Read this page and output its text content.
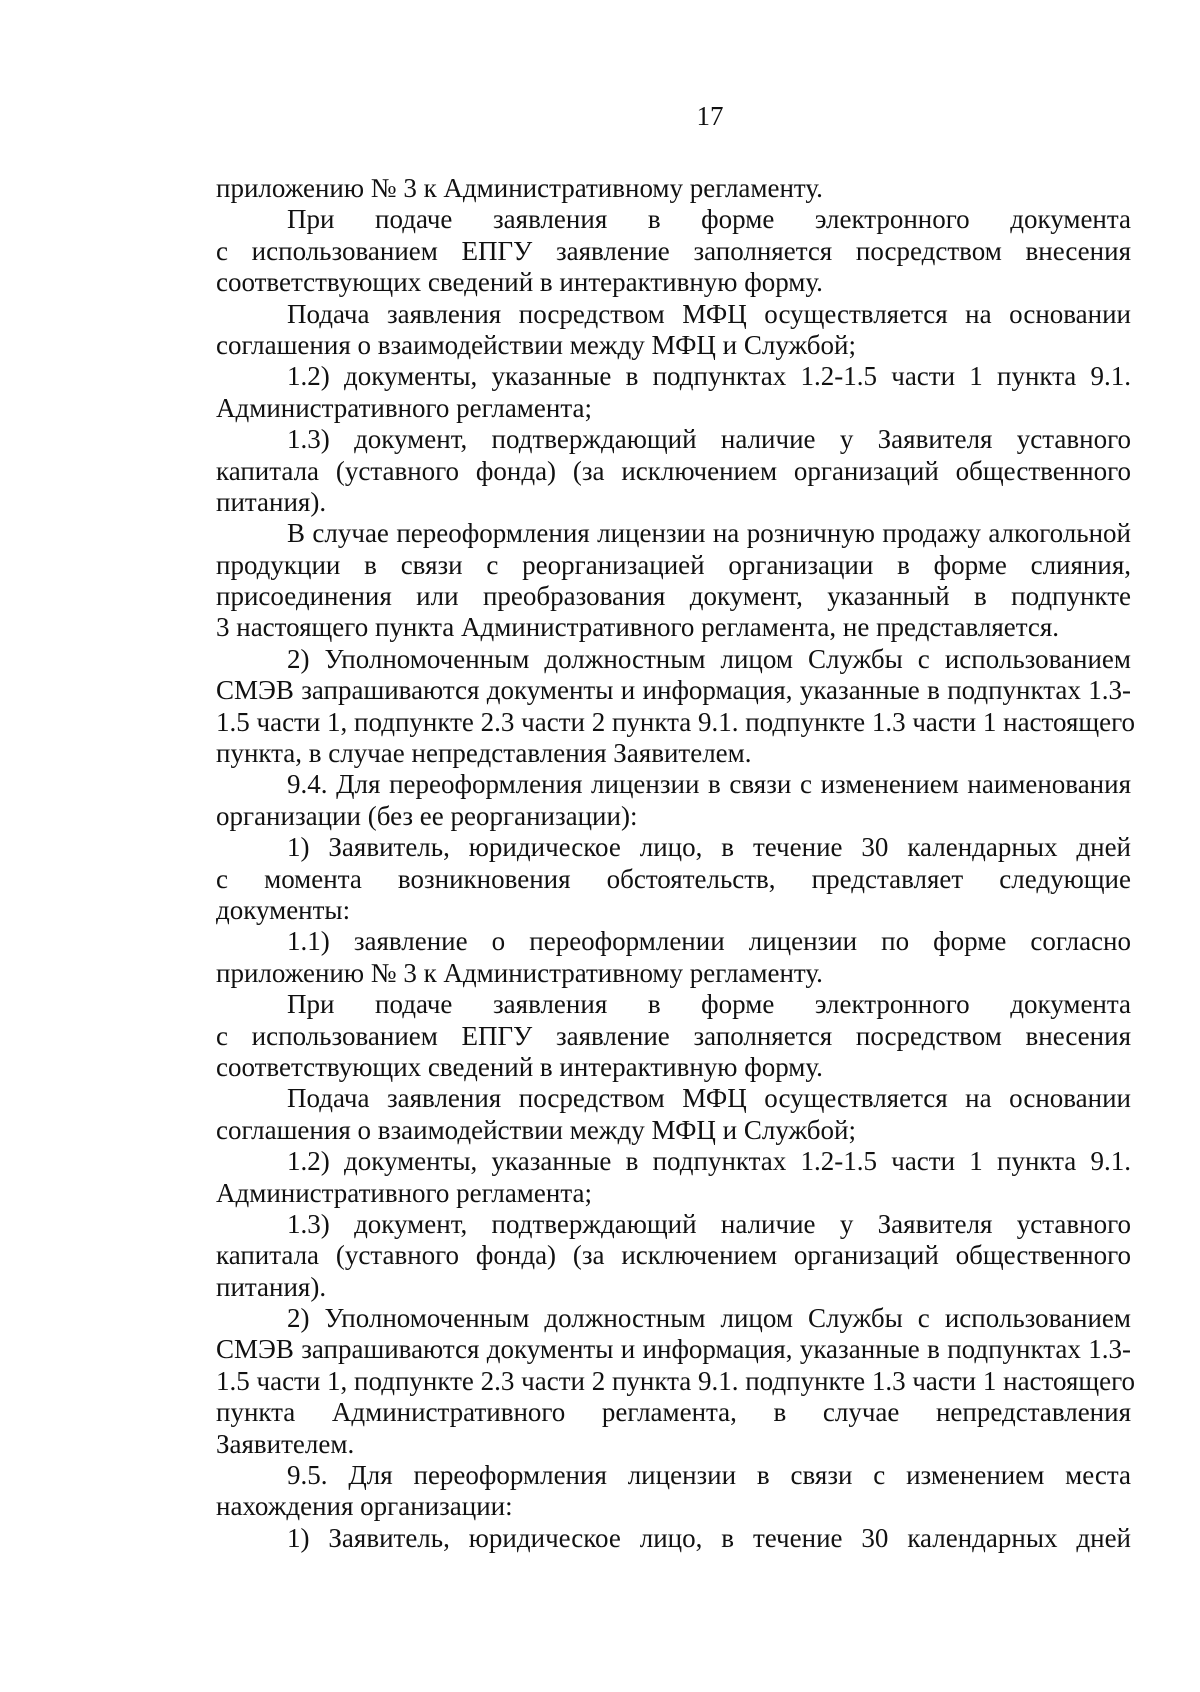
17
приложению № 3 к Административному регламенту.
При подаче заявления в форме электронного документа
с использованием ЕПГУ заявление заполняется посредством внесения
соответствующих сведений в интерактивную форму.
Подача заявления посредством МФЦ осуществляется на основании
соглашения о взаимодействии между МФЦ и Службой;
1.2) документы, указанные в подпунктах 1.2-1.5 части 1 пункта 9.1.
Административного регламента;
1.3) документ, подтверждающий наличие у Заявителя уставного
капитала (уставного фонда) (за исключением организаций общественного
питания).
В случае переоформления лицензии на розничную продажу алкогольной
продукции в связи с реорганизацией организации в форме слияния,
присоединения или преобразования документ, указанный в подпункте
3 настоящего пункта Административного регламента, не представляется.
2) Уполномоченным должностным лицом Службы с использованием
СМЭВ запрашиваются документы и информация, указанные в подпунктах 1.3-
1.5 части 1, подпункте 2.3 части 2 пункта 9.1. подпункте 1.3 части 1 настоящего
пункта, в случае непредставления Заявителем.
9.4. Для переоформления лицензии в связи с изменением наименования
организации (без ее реорганизации):
1) Заявитель, юридическое лицо, в течение 30 календарных дней
с момента возникновения обстоятельств, представляет следующие
документы:
1.1) заявление о переоформлении лицензии по форме согласно
приложению № 3 к Административному регламенту.
При подаче заявления в форме электронного документа
с использованием ЕПГУ заявление заполняется посредством внесения
соответствующих сведений в интерактивную форму.
Подача заявления посредством МФЦ осуществляется на основании
соглашения о взаимодействии между МФЦ и Службой;
1.2) документы, указанные в подпунктах 1.2-1.5 части 1 пункта 9.1.
Административного регламента;
1.3) документ, подтверждающий наличие у Заявителя уставного
капитала (уставного фонда) (за исключением организаций общественного
питания).
2) Уполномоченным должностным лицом Службы с использованием
СМЭВ запрашиваются документы и информация, указанные в подпунктах 1.3-
1.5 части 1, подпункте 2.3 части 2 пункта 9.1. подпункте 1.3 части 1 настоящего
пункта Административного регламента, в случае непредставления
Заявителем.
9.5. Для переоформления лицензии в связи с изменением места
нахождения организации:
1) Заявитель, юридическое лицо, в течение 30 календарных дней
